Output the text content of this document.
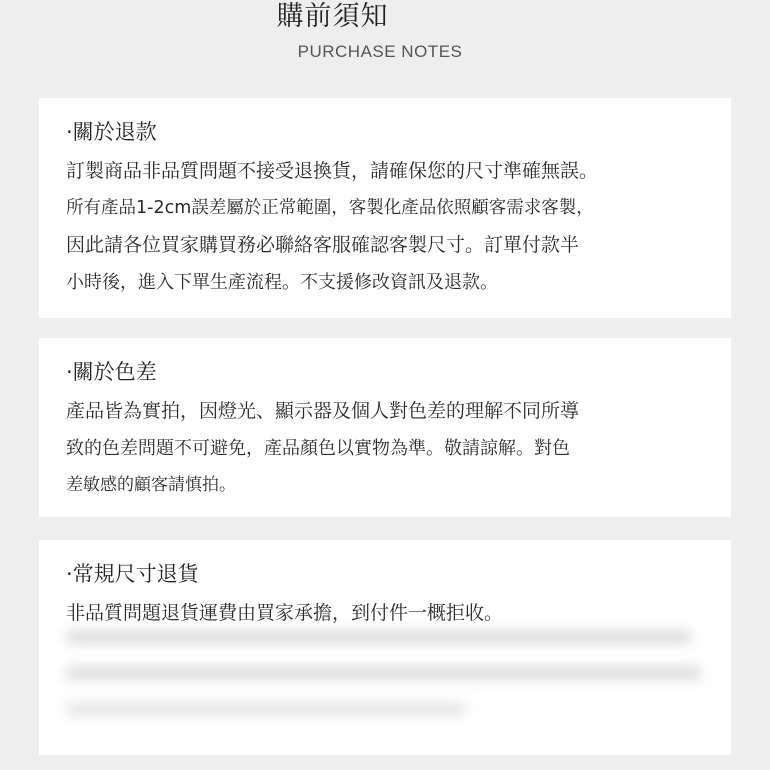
購前須知
PURCHASE NOTES
·關於退款
訂製商品非品質問題不接受退換貨，請確保您的尺寸準確無誤。
所有產品1-2cm誤差屬於正常範圍，客製化產品依照顧客需求客製，
因此請各位買家購買務必聯絡客服確認客製尺寸。訂單付款半
小時後，進入下單生產流程。不支援修改資訊及退款。
·關於色差
產品皆為實拍，因燈光、顯示器及個人對色差的理解不同所導
致的色差問題不可避免，產品顏色以實物為準。敬請諒解。對色
差敏感的顧客請慎拍。
·常規尺寸退貨
非品質問題退貨運費由買家承擔，到付件一概拒收。
